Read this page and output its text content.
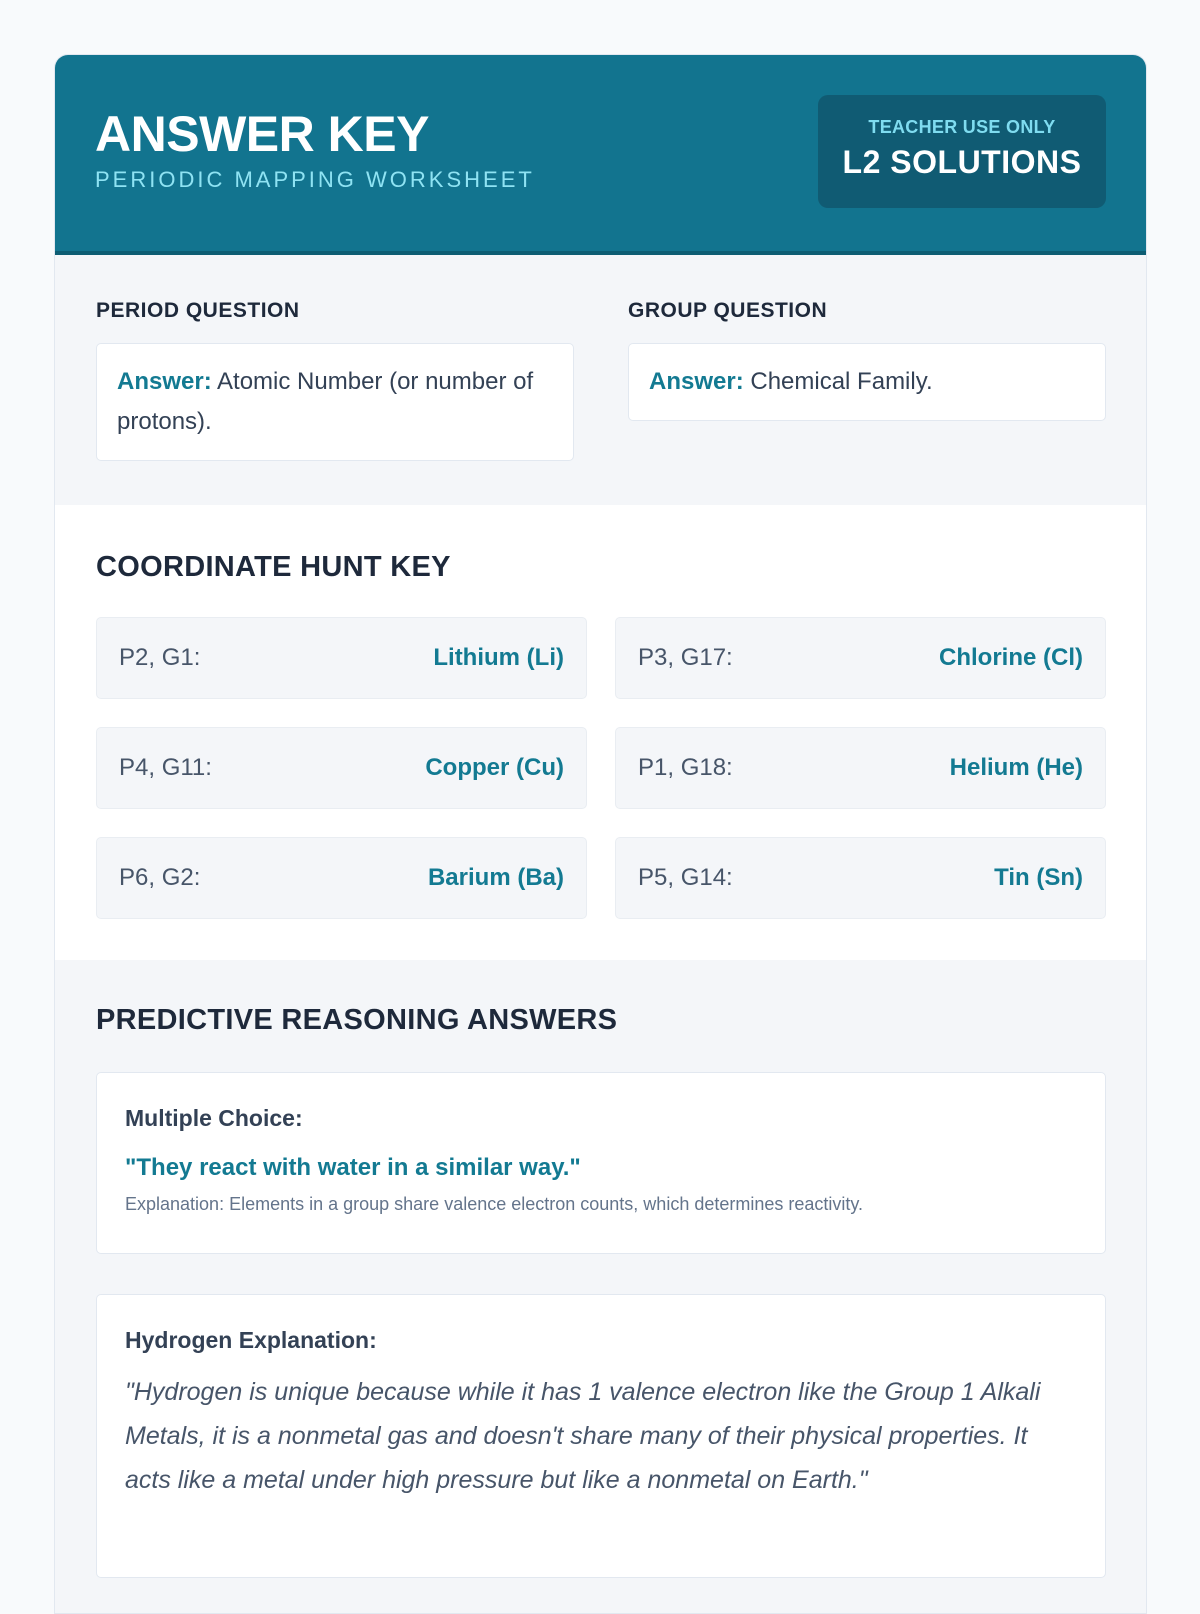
ANSWER KEY
PERIODIC MAPPING WORKSHEET
TEACHER USE ONLY
L2 SOLUTIONS
PERIOD QUESTION
Answer: Atomic Number (or number of protons).
GROUP QUESTION
Answer: Chemical Family.
COORDINATE HUNT KEY
P2, G1:	Lithium (Li)	P3, G17:	Chlorine (Cl)
P4, G11:	Copper (Cu)	P1, G18:	Helium (He)
P6, G2:	Barium (Ba)	P5, G14:	Tin (Sn)
PREDICTIVE REASONING ANSWERS
Multiple Choice:
"They react with water in a similar way."
Explanation: Elements in a group share valence electron counts, which determines reactivity.
Hydrogen Explanation:
"Hydrogen is unique because while it has 1 valence electron like the Group 1 Alkali Metals, it is a nonmetal gas and doesn't share many of their physical properties. It acts like a metal under high pressure but like a nonmetal on Earth."
